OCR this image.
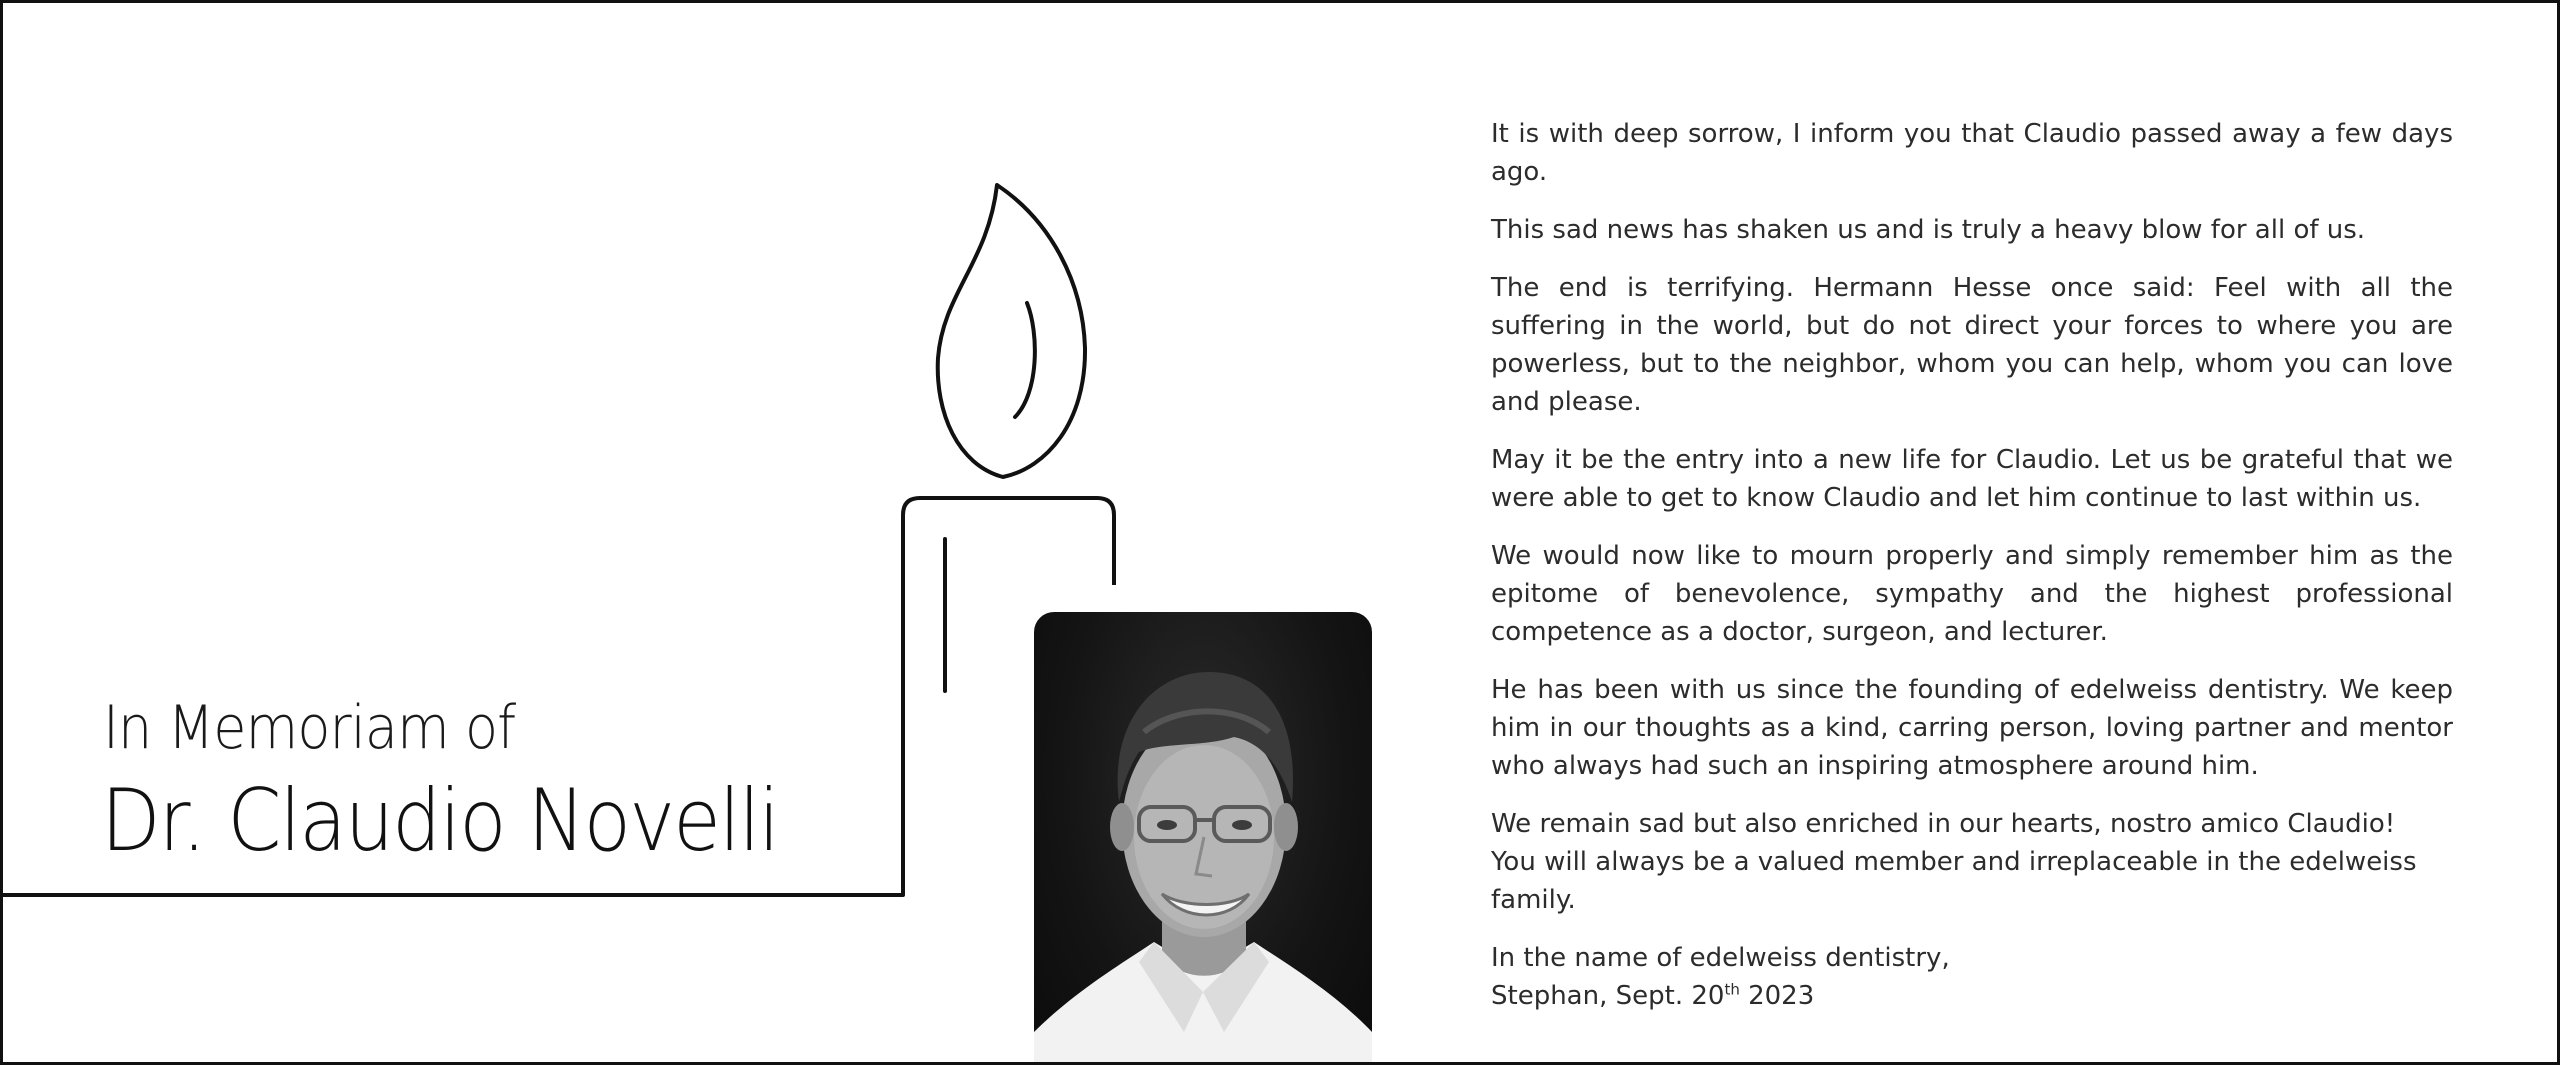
In Memoriam of
Dr. Claudio Novelli

It is with deep sorrow, I inform you that Claudio passed away a few days ago.

This sad news has shaken us and is truly a heavy blow for all of us.

The end is terrifying. Hermann Hesse once said: Feel with all the suffering in the world, but do not direct your forces to where you are powerless, but to the neighbor, whom you can help, whom you can love and please.

May it be the entry into a new life for Claudio. Let us be grateful that we were able to get to know Claudio and let him continue to last within us.

We would now like to mourn properly and simply remember him as the epitome of benevolence, sympathy and the highest professional competence as a doctor, surgeon, and lecturer.

He has been with us since the founding of edelweiss dentistry. We keep him in our thoughts as a kind, carring person, loving partner and mentor who always had such an inspiring atmosphere around him.

We remain sad but also enriched in our hearts, nostro amico Claudio!
You will always be a valued member and irreplaceable in the edelweiss family.

In the name of edelweiss dentistry,
Stephan, Sept. 20th 2023
